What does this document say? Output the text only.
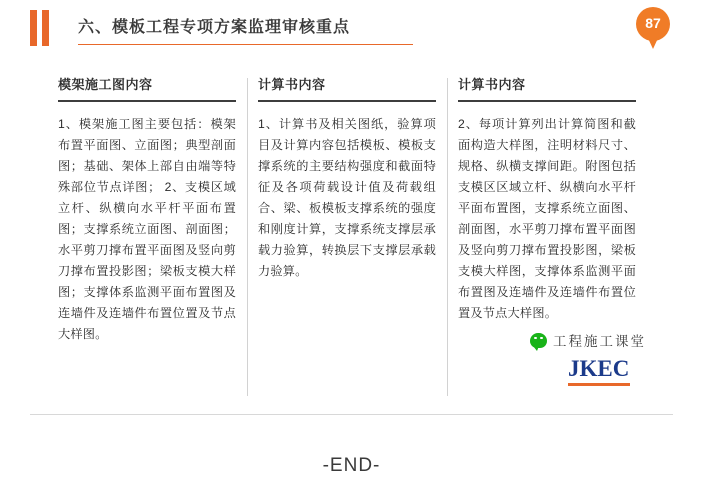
六、模板工程专项方案监理审核重点	87
模架施工图内容
1、模架施工图主要包括：模架布置平面图、立面图；典型剖面图；基础、架体上部自由端等特殊部位节点详图； 2、支模区域立杆、纵横向水平杆平面布置图；支撑系统立面图、剖面图；水平剪刀撑布置平面图及竖向剪刀撑布置投影图；梁板支模大样图；支撑体系监测平面布置图及连墙件及连墙件布置位置及节点大样图。
计算书内容
1、计算书及相关图纸，验算项目及计算内容包括模板、模板支撑系统的主要结构强度和截面特征及各项荷载设计值及荷载组合、梁、板模板支撑系统的强度和刚度计算，支撑系统支撑层承载力验算，转换层下支撑层承载力验算。
计算书内容
2、每项计算列出计算简图和截面构造大样图，注明材料尺寸、规格、纵横支撑间距。附图包括支模区区域立杆、纵横向水平杆平面布置图，支撑系统立面图、剖面图，水平剪刀撑布置平面图及竖向剪刀撑布置投影图，梁板支模大样图，支撑体系监测平面布置图及连墙件及连墙件布置位置及节点大样图。
工程施工课堂
JKEC
-END-
